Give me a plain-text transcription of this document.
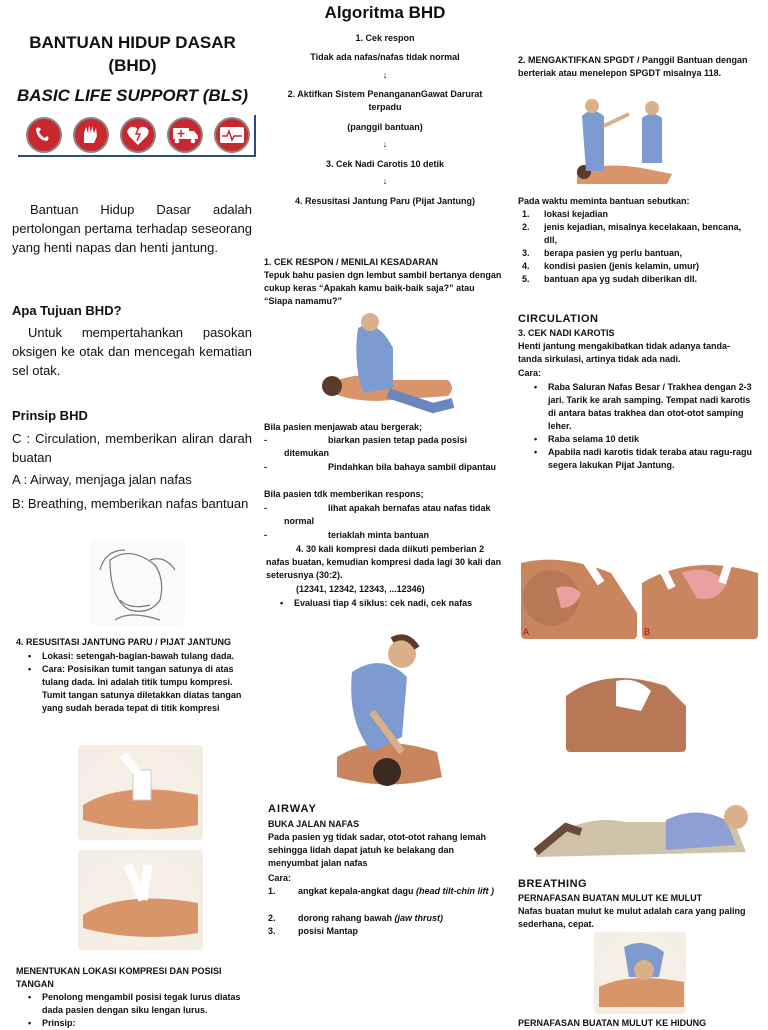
BANTUAN HIDUP DASAR
(BHD)
BASIC LIFE SUPPORT (BLS)
Bantuan Hidup Dasar adalah pertolongan pertama terhadap seseorang yang henti napas dan henti jantung.
Apa Tujuan BHD?
Untuk mempertahankan pasokan oksigen ke otak dan mencegah kematian sel otak.
Prinsip BHD
C : Circulation, memberikan aliran darah buatan
A : Airway, menjaga jalan nafas
B: Breathing, memberikan nafas bantuan
4. RESUSITASI JANTUNG PARU / PIJAT JANTUNG
• Lokasi: setengah-bagian-bawah tulang dada.
• Cara: Posisikan tumit tangan satunya di atas tulang dada. Ini adalah titik tumpu kompresi. Tumit tangan satunya diletakkan diatas tangan yang sudah berada tepat di titik kompresi
MENENTUKAN LOKASI KOMPRESI DAN POSISI TANGAN
• Penolong mengambil posisi tegak lurus diatas dada pasien dengan siku lengan lurus.
• Prinsip:
Algoritma BHD
1. Cek respon
Tidak ada nafas/nafas tidak normal
↓
2. Aktifkan Sistem PenangananGawat Darurat terpadu
(panggil bantuan)
↓
3. Cek Nadi Carotis 10 detik
↓
4. Resusitasi Jantung Paru (Pijat Jantung)
1. CEK RESPON / MENILAI KESADARAN
Tepuk bahu pasien dgn lembut sambil bertanya dengan cukup keras “Apakah kamu baik-baik saja?” atau “Siapa namamu?”
Bila pasien menjawab atau bergerak;
-	biarkan pasien tetap pada posisi ditemukan
-	Pindahkan bila bahaya sambil dipantau
Bila pasien tdk memberikan respons;
-	lihat apakah bernafas atau nafas tidak normal
-	teriaklah minta bantuan
4. 30 kali kompresi dada diikuti pemberian 2 nafas buatan, kemudian kompresi dada lagi 30 kali dan seterusnya (30:2).
(12341, 12342, 12343, ...12346)
• Evaluasi tiap 4 siklus: cek nadi, cek nafas
AIRWAY
BUKA JALAN NAFAS
Pada pasien yg tidak sadar, otot-otot rahang lemah sehingga lidah dapat jatuh ke belakang dan menyumbat jalan nafas
Cara:
1.	angkat kepala-angkat dagu (head tilt-chin lift )
2.	dorong rahang bawah (jaw thrust)
3.	posisi Mantap
2. MENGAKTIFKAN SPGDT / Panggil Bantuan dengan berteriak atau menelepon SPGDT misalnya 118.
Pada waktu meminta bantuan sebutkan:
1. lokasi kejadian
2. jenis kejadian, misalnya kecelakaan, bencana, dll,
3. berapa pasien yg perlu bantuan,
4. kondisi pasien (jenis kelamin, umur)
5. bantuan apa yg sudah diberikan dll.
CIRCULATION
3. CEK NADI KAROTIS
Henti jantung mengakibatkan tidak adanya tanda-tanda sirkulasi, artinya tidak ada nadi.
Cara:
• Raba Saluran Nafas Besar / Trakhea dengan 2-3 jari. Tarik ke arah samping. Tempat nadi karotis di antara batas trakhea dan otot-otot samping leher.
• Raba selama 10 detik
• Apabila nadi karotis tidak teraba atau ragu-ragu segera lakukan Pijat Jantung.
A	B
BREATHING
PERNAFASAN BUATAN MULUT KE MULUT
Nafas buatan mulut ke mulut adalah cara yang paling sederhana, cepat.
PERNAFASAN BUATAN MULUT KE HIDUNG
